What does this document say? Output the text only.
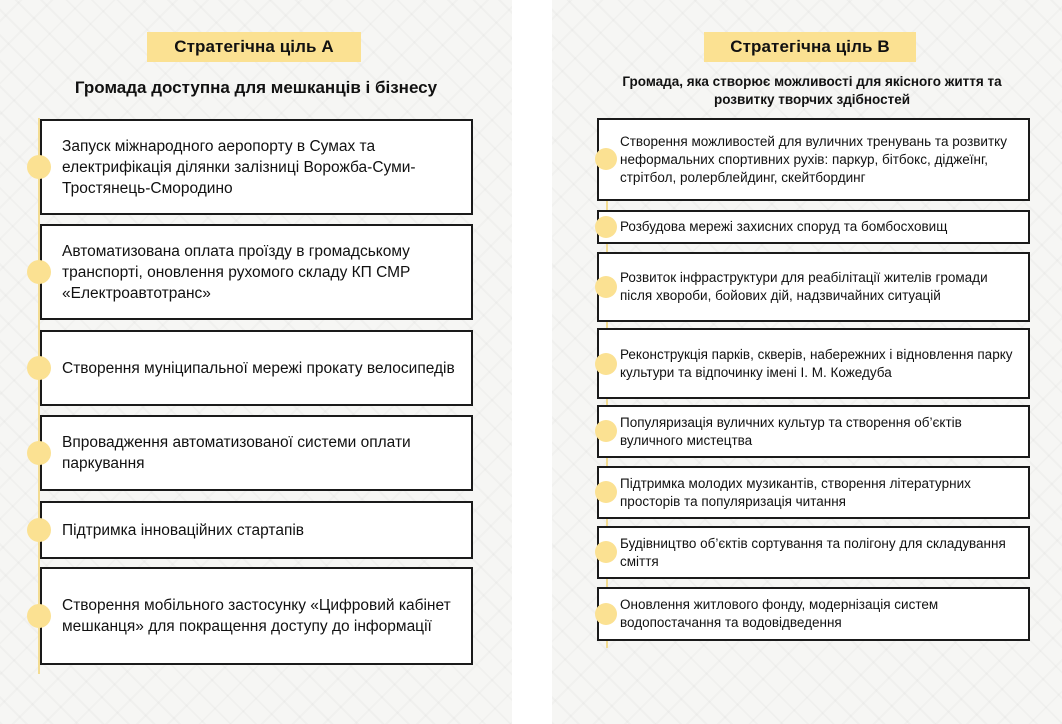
Стратегічна ціль А
Громада доступна для мешканців і бізнесу
Запуск міжнародного аеропорту в Сумах та електрифікація ділянки залізниці Ворожба-Суми-Тростянець-Смородино
Автоматизована оплата проїзду в громадському транспорті, оновлення рухомого складу КП СМР «Електроавтотранс»
Створення муніципальної мережі прокату велосипедів
Впровадження автоматизованої системи оплати паркування
Підтримка інноваційних стартапів
Створення мобільного застосунку «Цифровий кабінет мешканця» для покращення доступу до інформації
Стратегічна ціль В
Громада, яка створює можливості для якісного життя та розвитку творчих здібностей
Створення можливостей для вуличних тренувань та розвитку неформальних спортивних рухів: паркур, бітбокс, діджеїнг, стрітбол, ролерблейдинг, скейтбординг
Розбудова мережі захисних споруд та бомбосховищ
Розвиток інфраструктури для реабілітації жителів громади після хвороби, бойових дій, надзвичайних ситуацій
Реконструкція парків, скверів, набережних і відновлення парку культури та відпочинку імені І. М. Кожедуба
Популяризація вуличних культур та створення об’єктів вуличного мистецтва
Підтримка молодих музикантів, створення літературних просторів та популяризація читання
Будівництво об’єктів сортування та полігону для складування сміття
Оновлення житлового фонду, модернізація систем водопостачання та водовідведення
